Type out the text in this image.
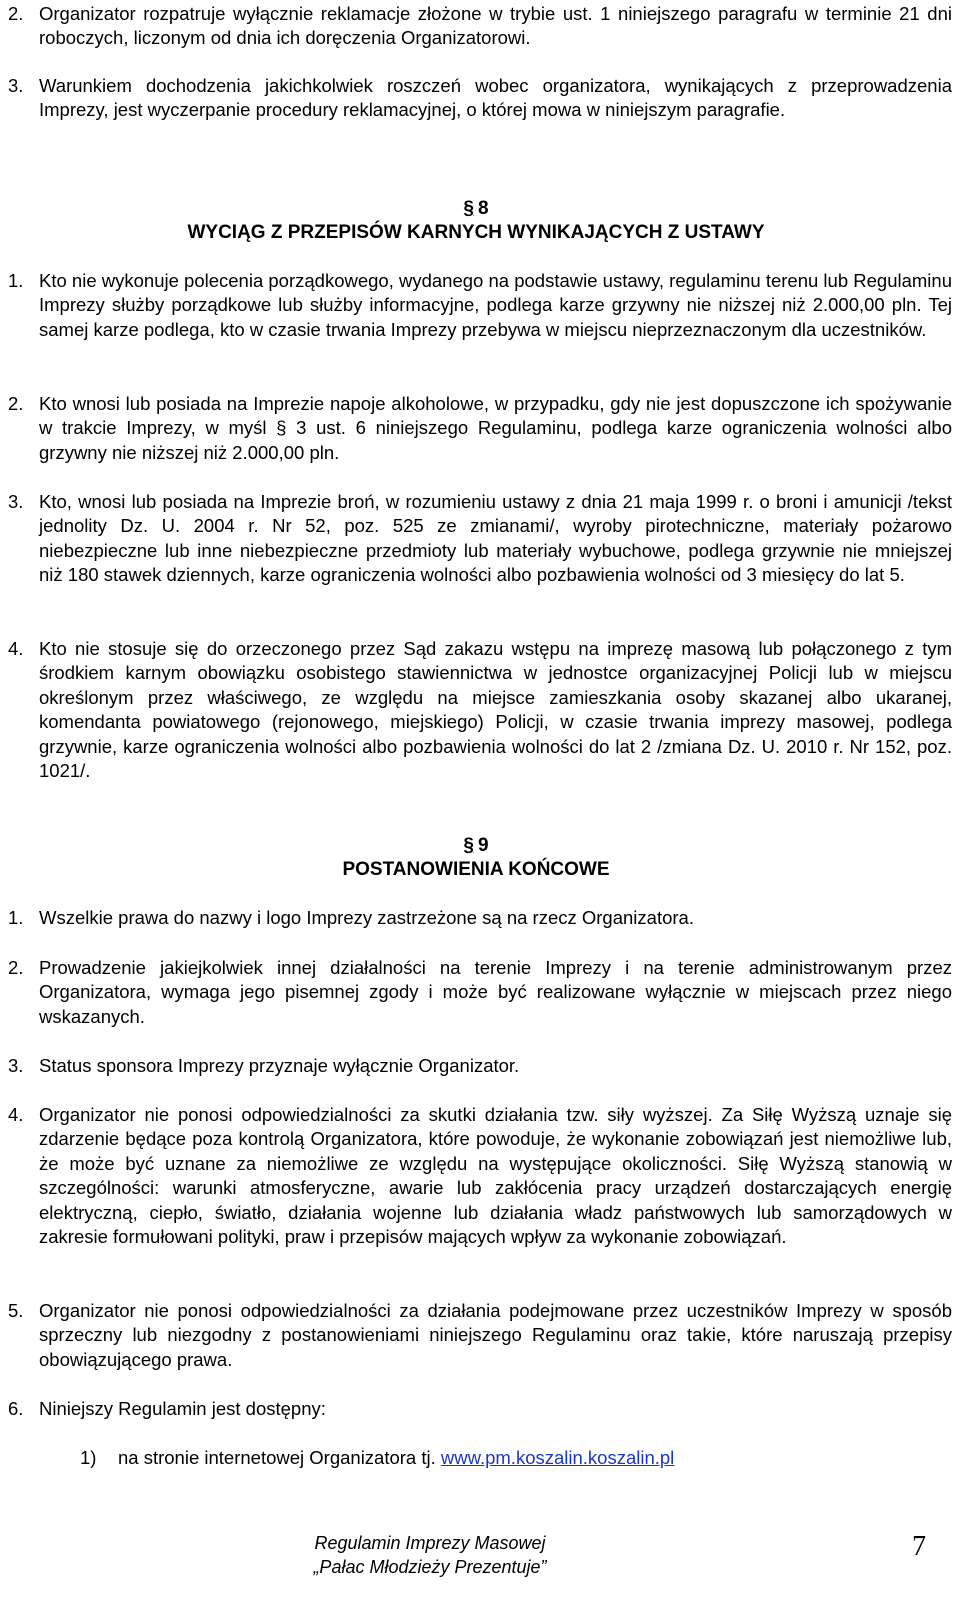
2. Organizator rozpatruje wyłącznie reklamacje złożone w trybie ust. 1 niniejszego paragrafu w terminie 21 dni roboczych, liczonym od dnia ich doręczenia Organizatorowi.
3. Warunkiem dochodzenia jakichkolwiek roszczeń wobec organizatora, wynikających z przeprowadzenia Imprezy, jest wyczerpanie procedury reklamacyjnej, o której mowa w niniejszym paragrafie.
§ 8
WYCIĄG Z PRZEPISÓW KARNYCH WYNIKAJĄCYCH Z USTAWY
1. Kto nie wykonuje polecenia porządkowego, wydanego na podstawie ustawy, regulaminu terenu lub Regulaminu Imprezy służby porządkowe lub służby informacyjne, podlega karze grzywny nie niższej niż 2.000,00 pln. Tej samej karze podlega, kto w czasie trwania Imprezy przebywa w miejscu nieprzeznaczonym dla uczestników.
2. Kto wnosi lub posiada na Imprezie napoje alkoholowe, w przypadku, gdy nie jest dopuszczone ich spożywanie w trakcie Imprezy, w myśl § 3 ust. 6 niniejszego Regulaminu, podlega karze ograniczenia wolności albo grzywny nie niższej niż 2.000,00 pln.
3. Kto, wnosi lub posiada na Imprezie broń, w rozumieniu ustawy z dnia 21 maja 1999 r. o broni i amunicji /tekst jednolity Dz. U. 2004 r. Nr 52, poz. 525 ze zmianami/, wyroby pirotechniczne, materiały pożarowo niebezpieczne lub inne niebezpieczne przedmioty lub materiały wybuchowe, podlega grzywnie nie mniejszej niż 180 stawek dziennych, karze ograniczenia wolności albo pozbawienia wolności od 3 miesięcy do lat 5.
4. Kto nie stosuje się do orzeczonego przez Sąd zakazu wstępu na imprezę masową lub połączonego z tym środkiem karnym obowiązku osobistego stawiennictwa w jednostce organizacyjnej Policji lub w miejscu określonym przez właściwego, ze względu na miejsce zamieszkania osoby skazanej albo ukaranej, komendanta powiatowego (rejonowego, miejskiego) Policji, w czasie trwania imprezy masowej, podlega grzywnie, karze ograniczenia wolności albo pozbawienia wolności do lat 2 /zmiana Dz. U. 2010 r. Nr 152, poz. 1021/.
§ 9
POSTANOWIENIA KOŃCOWE
1. Wszelkie prawa do nazwy i logo Imprezy zastrzeżone są na rzecz Organizatora.
2. Prowadzenie jakiejkolwiek innej działalności na terenie Imprezy i na terenie administrowanym przez Organizatora, wymaga jego pisemnej zgody i może być realizowane wyłącznie w miejscach przez niego wskazanych.
3. Status sponsora Imprezy przyznaje wyłącznie Organizator.
4. Organizator nie ponosi odpowiedzialności za skutki działania tzw. siły wyższej. Za Siłę Wyższą uznaje się zdarzenie będące poza kontrolą Organizatora, które powoduje, że wykonanie zobowiązań jest niemożliwe lub, że może być uznane za niemożliwe ze względu na występujące okoliczności. Siłę Wyższą stanowią w szczególności: warunki atmosferyczne, awarie lub zakłócenia pracy urządzeń dostarczających energię elektryczną, ciepło, światło, działania wojenne lub działania władz państwowych lub samorządowych w zakresie formułowani polityki, praw i przepisów mających wpływ za wykonanie zobowiązań.
5. Organizator nie ponosi odpowiedzialności za działania podejmowane przez uczestników Imprezy w sposób sprzeczny lub niezgodny z postanowieniami niniejszego Regulaminu oraz takie, które naruszają przepisy obowiązującego prawa.
6. Niniejszy Regulamin jest dostępny:
1) na stronie internetowej Organizatora tj. www.pm.koszalin.koszalin.pl
Regulamin Imprezy Masowej
„Pałac Młodzieży Prezentuje”
7
